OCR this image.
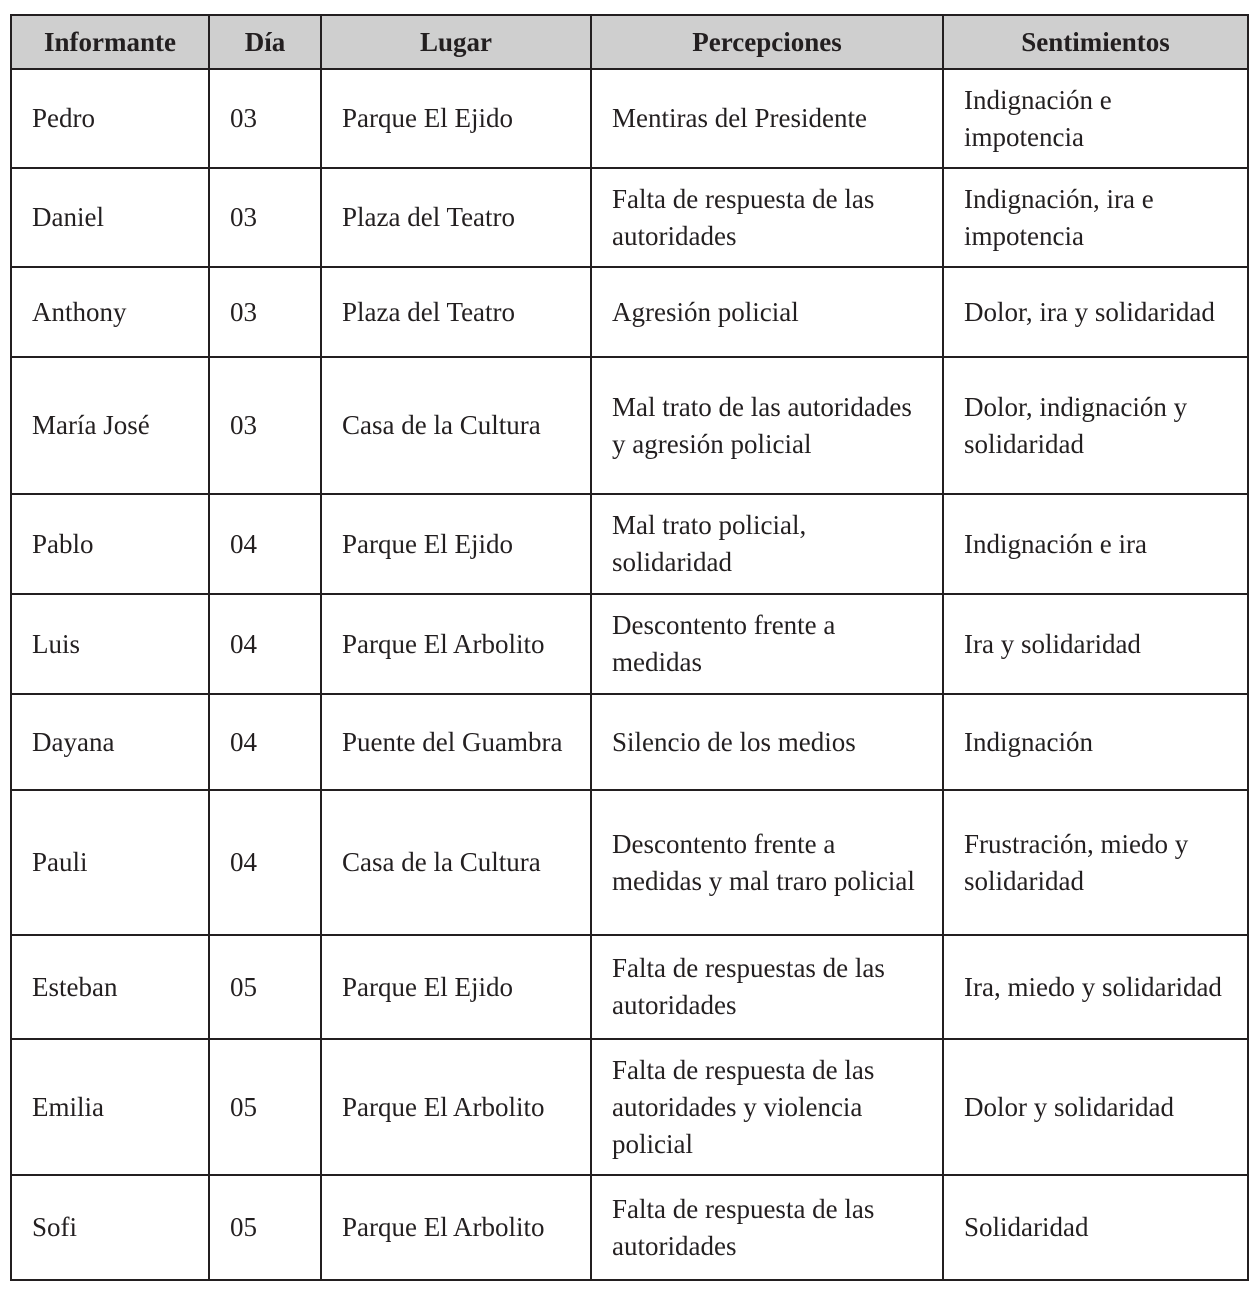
Informante	Día	Lugar	Percepciones	Sentimientos
Pedro	03	Parque El Ejido	Mentiras del Presidente	Indignación e impotencia
Daniel	03	Plaza del Teatro	Falta de respuesta de las autoridades	Indignación, ira e impotencia
Anthony	03	Plaza del Teatro	Agresión policial	Dolor, ira y solidaridad
María José	03	Casa de la Cultura	Mal trato de las autoridades y agresión policial	Dolor, indignación y solidaridad
Pablo	04	Parque El Ejido	Mal trato policial, solidaridad	Indignación e ira
Luis	04	Parque El Arbolito	Descontento frente a medidas	Ira y solidaridad
Dayana	04	Puente del Guambra	Silencio de los medios	Indignación
Pauli	04	Casa de la Cultura	Descontento frente a medidas y mal traro policial	Frustración, miedo y solidaridad
Esteban	05	Parque El Ejido	Falta de respuestas de las autoridades	Ira, miedo y solidaridad
Emilia	05	Parque El Arbolito	Falta de respuesta de las autoridades y violencia policial	Dolor y solidaridad
Sofi	05	Parque El Arbolito	Falta de respuesta de las autoridades	Solidaridad
